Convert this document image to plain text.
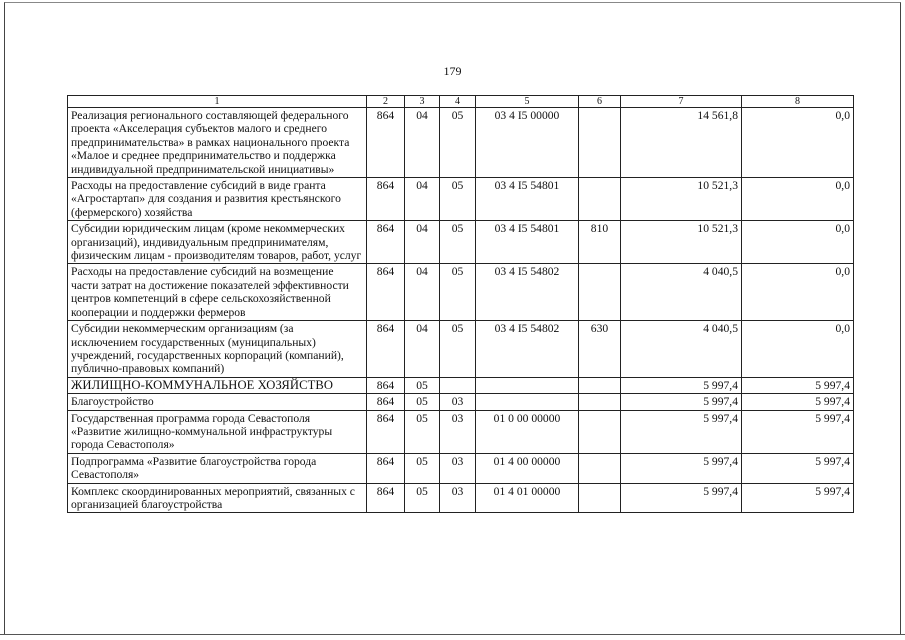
179
1	2	3	4	5	6	7	8
Реализация регионального составляющей федерального проекта «Акселерация субъектов малого и среднего предпринимательства» в рамках национального проекта «Малое и среднее предпринимательство и поддержка индивидуальной предпринимательской инициативы»	864	04	05	03 4 I5 00000		14 561,8	0,0
Расходы на предоставление субсидий в виде гранта «Агростартап» для создания и развития крестьянского (фермерского) хозяйства	864	04	05	03 4 I5 54801		10 521,3	0,0
Субсидии юридическим лицам (кроме некоммерческих организаций), индивидуальным предпринимателям, физическим лицам - производителям товаров, работ, услуг	864	04	05	03 4 I5 54801	810	10 521,3	0,0
Расходы на предоставление субсидий на возмещение части затрат на достижение показателей эффективности центров компетенций в сфере сельскохозяйственной кооперации и поддержки фермеров	864	04	05	03 4 I5 54802		4 040,5	0,0
Субсидии некоммерческим организациям (за исключением государственных (муниципальных) учреждений, государственных корпораций (компаний), публично-правовых компаний)	864	04	05	03 4 I5 54802	630	4 040,5	0,0
ЖИЛИЩНО-КОММУНАЛЬНОЕ ХОЗЯЙСТВО	864	05				5 997,4	5 997,4
Благоустройство	864	05	03			5 997,4	5 997,4
Государственная программа города Севастополя «Развитие жилищно-коммунальной инфраструктуры города Севастополя»	864	05	03	01 0 00 00000		5 997,4	5 997,4
Подпрограмма «Развитие благоустройства города Севастополя»	864	05	03	01 4 00 00000		5 997,4	5 997,4
Комплекс скоординированных мероприятий, связанных с организацией благоустройства	864	05	03	01 4 01 00000		5 997,4	5 997,4
